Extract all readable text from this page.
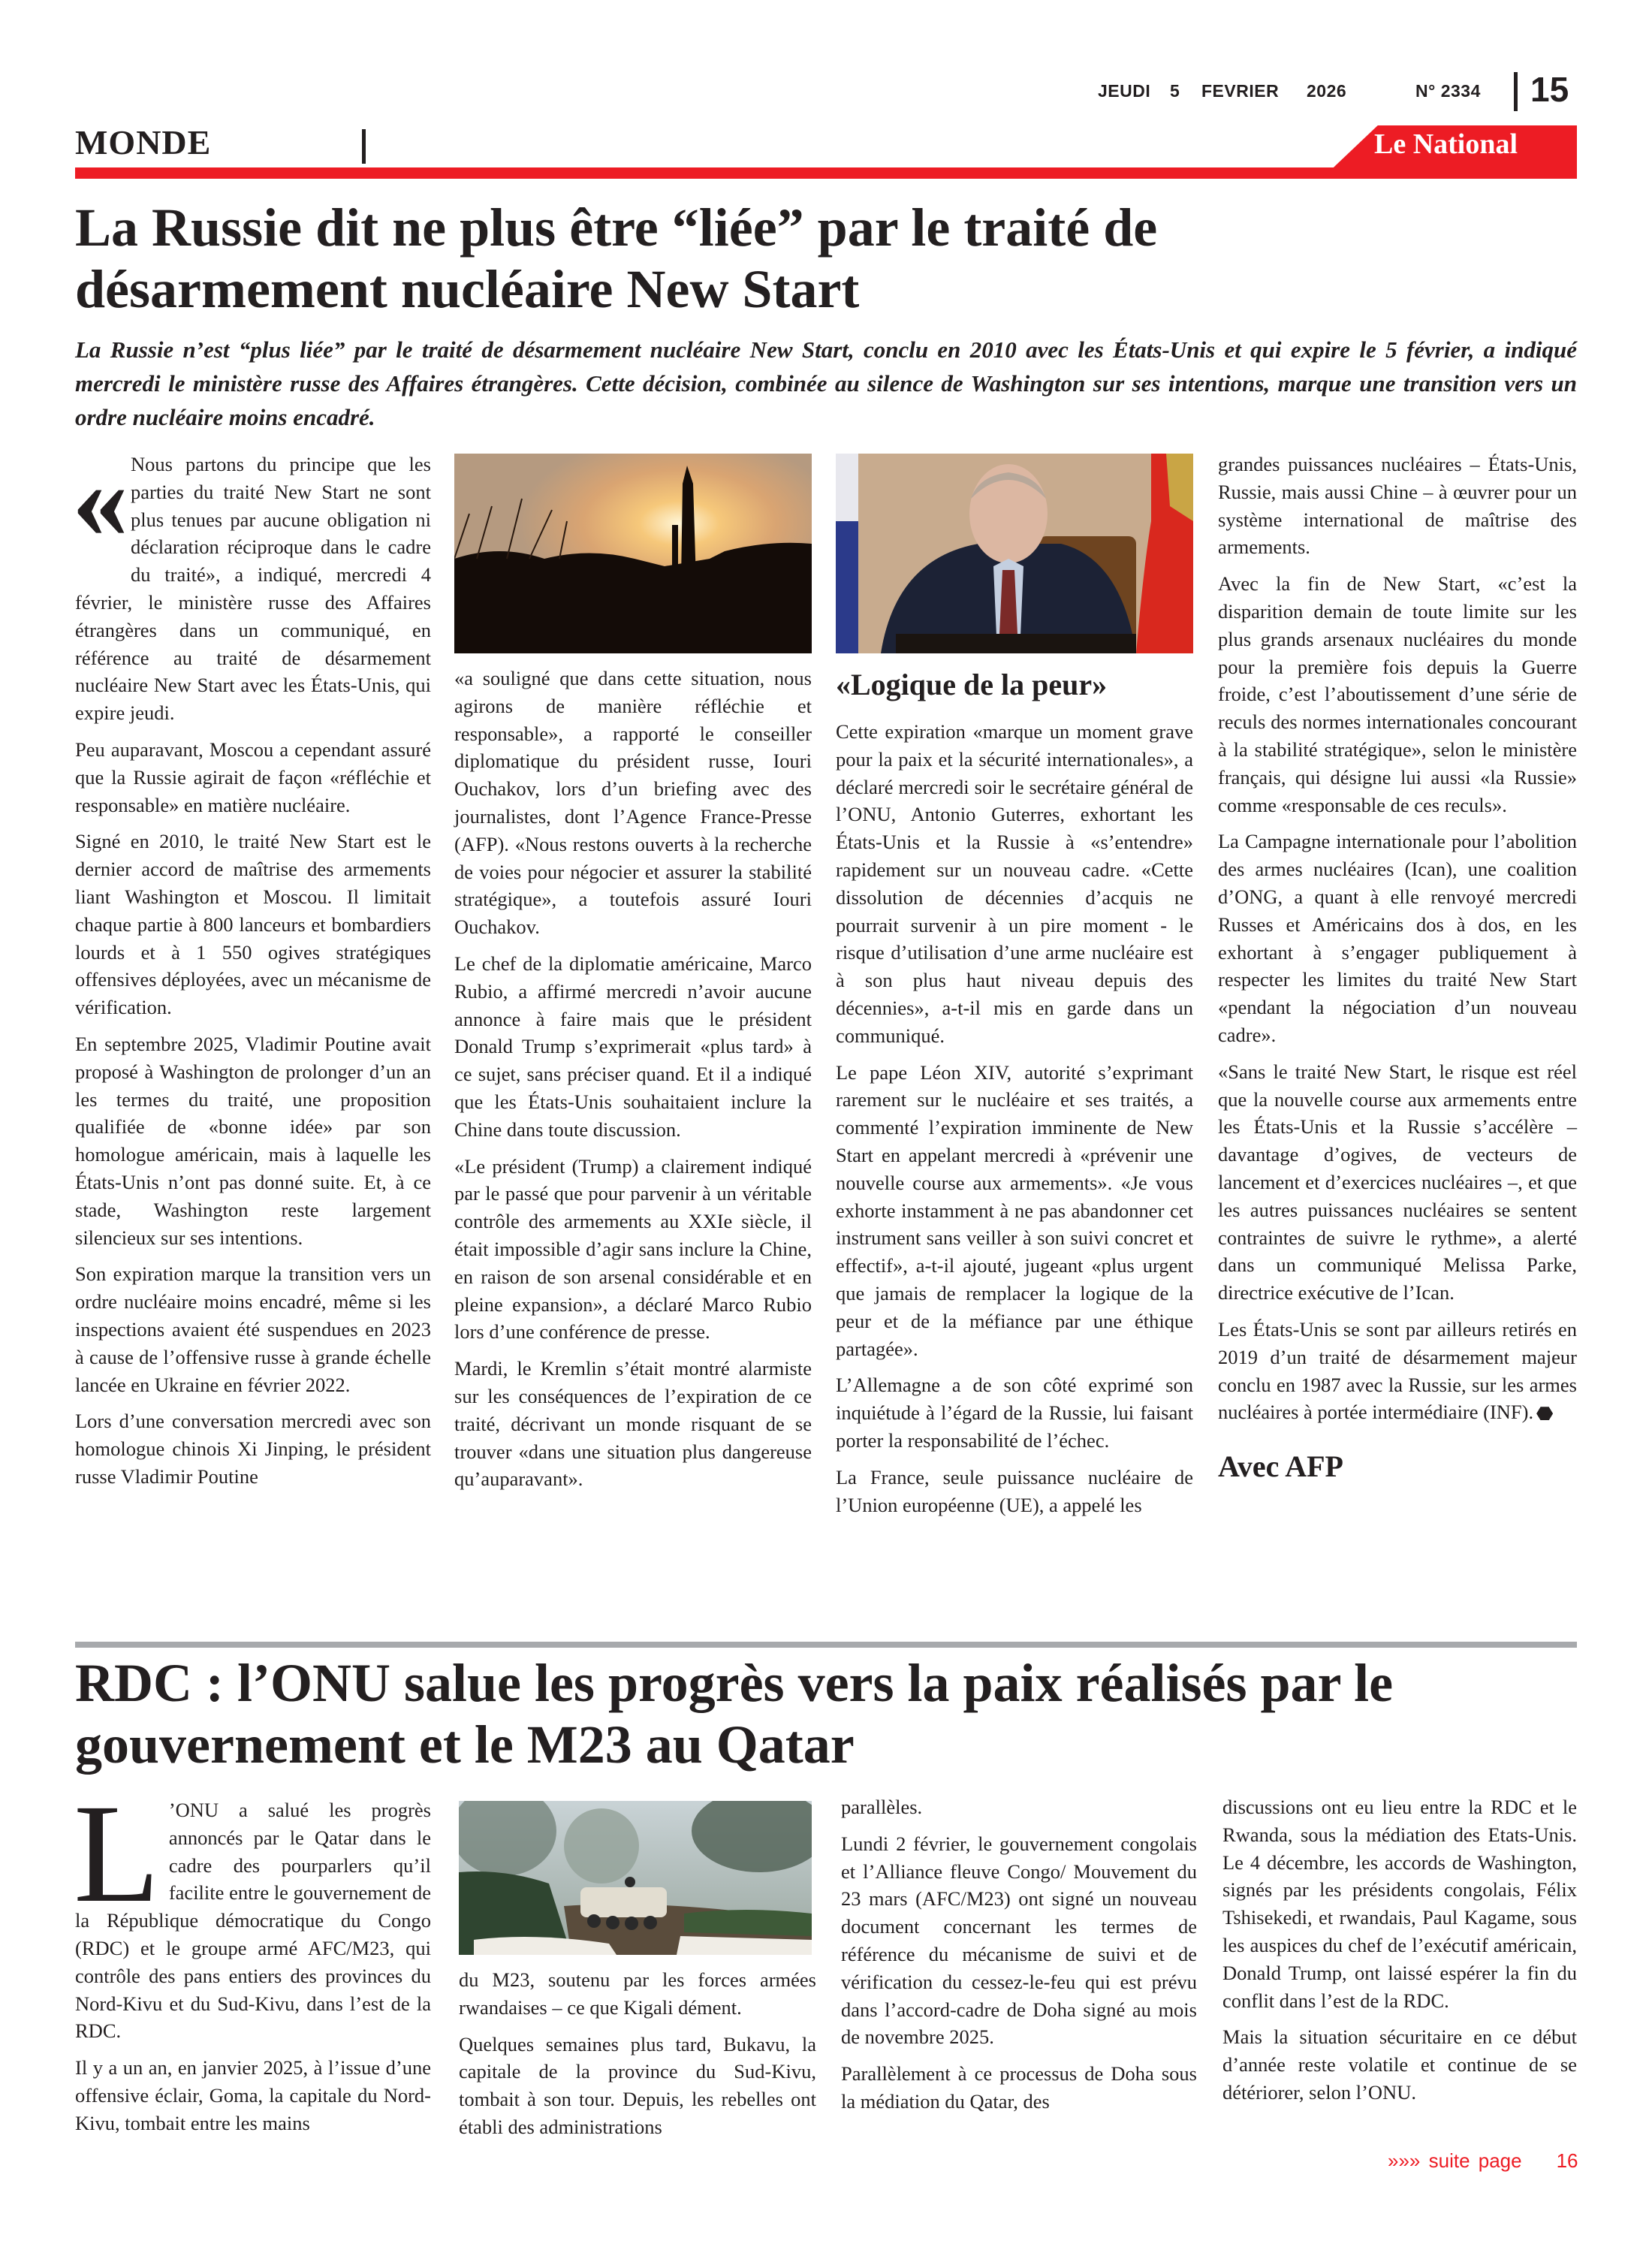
JEUDI 5 FEVRIER 2026	N° 2334 15
MONDE	Le National
La Russie dit ne plus être “liée” par le traité de
désarmement nucléaire New Start
La Russie n’est “plus liée” par le traité de désarmement nucléaire New Start, conclu en 2010 avec les États-Unis et qui expire le 5 février, a indiqué mercredi le ministère russe des Affaires étrangères. Cette décision, combinée au silence de Washington sur ses intentions, marque une transition vers un ordre nucléaire moins encadré.

« Nous partons du principe que les parties du traité New Start ne sont plus tenues par aucune obligation ni déclaration réciproque dans le cadre du traité», a indiqué, mercredi 4 février, le ministère russe des Affaires étrangères dans un communiqué, en référence au traité de désarmement nucléaire New Start avec les États-Unis, qui expire jeudi.

Peu auparavant, Moscou a cependant assuré que la Russie agirait de façon «réfléchie et responsable» en matière nucléaire.

Signé en 2010, le traité New Start est le dernier accord de maîtrise des armements liant Washington et Moscou. Il limitait chaque partie à 800 lanceurs et bombardiers lourds et à 1 550 ogives stratégiques offensives déployées, avec un mécanisme de vérification.

En septembre 2025, Vladimir Poutine avait proposé à Washington de prolonger d’un an les termes du traité, une proposition qualifiée de «bonne idée» par son homologue américain, mais à laquelle les États-Unis n’ont pas donné suite. Et, à ce stade, Washington reste largement silencieux sur ses intentions.

Son expiration marque la transition vers un ordre nucléaire moins encadré, même si les inspections avaient été suspendues en 2023 à cause de l’offensive russe à grande échelle lancée en Ukraine en février 2022.

Lors d’une conversation mercredi avec son homologue chinois Xi Jinping, le président russe Vladimir Poutine

«a souligné que dans cette situation, nous agirons de manière réfléchie et responsable», a rapporté le conseiller diplomatique du président russe, Iouri Ouchakov, lors d’un briefing avec des journalistes, dont l’Agence France-Presse (AFP). «Nous restons ouverts à la recherche de voies pour négocier et assurer la stabilité stratégique», a toutefois assuré Iouri Ouchakov.

Le chef de la diplomatie américaine, Marco Rubio, a affirmé mercredi n’avoir aucune annonce à faire mais que le président Donald Trump s’exprimerait «plus tard» à ce sujet, sans préciser quand. Et il a indiqué que les États-Unis souhaitaient inclure la Chine dans toute discussion.

«Le président (Trump) a clairement indiqué par le passé que pour parvenir à un véritable contrôle des armements au XXIe siècle, il était impossible d’agir sans inclure la Chine, en raison de son arsenal considérable et en pleine expansion», a déclaré Marco Rubio lors d’une conférence de presse.

Mardi, le Kremlin s’était montré alarmiste sur les conséquences de l’expiration de ce traité, décrivant un monde risquant de se trouver «dans une situation plus dangereuse qu’auparavant».

«Logique de la peur»

Cette expiration «marque un moment grave pour la paix et la sécurité internationales», a déclaré mercredi soir le secrétaire général de l’ONU, Antonio Guterres, exhortant les États-Unis et la Russie à «s’entendre» rapidement sur un nouveau cadre. «Cette dissolution de décennies d’acquis ne pourrait survenir à un pire moment - le risque d’utilisation d’une arme nucléaire est à son plus haut niveau depuis des décennies», a-t-il mis en garde dans un communiqué.

Le pape Léon XIV, autorité s’exprimant rarement sur le nucléaire et ses traités, a commenté l’expiration imminente de New Start en appelant mercredi à «prévenir une nouvelle course aux armements». «Je vous exhorte instamment à ne pas abandonner cet instrument sans veiller à son suivi concret et effectif», a-t-il ajouté, jugeant «plus urgent que jamais de remplacer la logique de la peur et de la méfiance par une éthique partagée».

L’Allemagne a de son côté exprimé son inquiétude à l’égard de la Russie, lui faisant porter la responsabilité de l’échec.

La France, seule puissance nucléaire de l’Union européenne (UE), a appelé les

grandes puissances nucléaires – États-Unis, Russie, mais aussi Chine – à œuvrer pour un système international de maîtrise des armements.

Avec la fin de New Start, «c’est la disparition demain de toute limite sur les plus grands arsenaux nucléaires du monde pour la première fois depuis la Guerre froide, c’est l’aboutissement d’une série de reculs des normes internationales concourant à la stabilité stratégique», selon le ministère français, qui désigne lui aussi «la Russie» comme «responsable de ces reculs».

La Campagne internationale pour l’abolition des armes nucléaires (Ican), une coalition d’ONG, a quant à elle renvoyé mercredi Russes et Américains dos à dos, en les exhortant à s’engager publiquement à respecter les limites du traité New Start «pendant la négociation d’un nouveau cadre».

«Sans le traité New Start, le risque est réel que la nouvelle course aux armements entre les États-Unis et la Russie s’accélère – davantage d’ogives, de vecteurs de lancement et d’exercices nucléaires –, et que les autres puissances nucléaires se sentent contraintes de suivre le rythme», a alerté dans un communiqué Melissa Parke, directrice exécutive de l’Ican.

Les États-Unis se sont par ailleurs retirés en 2019 d’un traité de désarmement majeur conclu en 1987 avec la Russie, sur les armes nucléaires à portée intermédiaire (INF).

Avec AFP
RDC : l’ONU salue les progrès vers la paix réalisés par le
gouvernement et le M23 au Qatar

L ’ONU a salué les progrès annoncés par le Qatar dans le cadre des pourparlers qu’il facilite entre le gouvernement de la République démocratique du Congo (RDC) et le groupe armé AFC/M23, qui contrôle des pans entiers des provinces du Nord-Kivu et du Sud-Kivu, dans l’est de la RDC.

Il y a un an, en janvier 2025, à l’issue d’une offensive éclair, Goma, la capitale du Nord-Kivu, tombait entre les mains

du M23, soutenu par les forces armées rwandaises – ce que Kigali dément.

Quelques semaines plus tard, Bukavu, la capitale de la province du Sud-Kivu, tombait à son tour. Depuis, les rebelles ont établi des administrations

parallèles.

Lundi 2 février, le gouvernement congolais et l’Alliance fleuve Congo/ Mouvement du 23 mars (AFC/M23) ont signé un nouveau document concernant les termes de référence du mécanisme de suivi et de vérification du cessez-le-feu qui est prévu dans l’accord-cadre de Doha signé au mois de novembre 2025.

Parallèlement à ce processus de Doha sous la médiation du Qatar, des

discussions ont eu lieu entre la RDC et le Rwanda, sous la médiation des Etats-Unis. Le 4 décembre, les accords de Washington, signés par les présidents congolais, Félix Tshisekedi, et rwandais, Paul Kagame, sous les auspices du chef de l’exécutif américain, Donald Trump, ont laissé espérer la fin du conflit dans l’est de la RDC.

Mais la situation sécuritaire en ce début d’année reste volatile et continue de se détériorer, selon l’ONU.

»»» suite page 16
